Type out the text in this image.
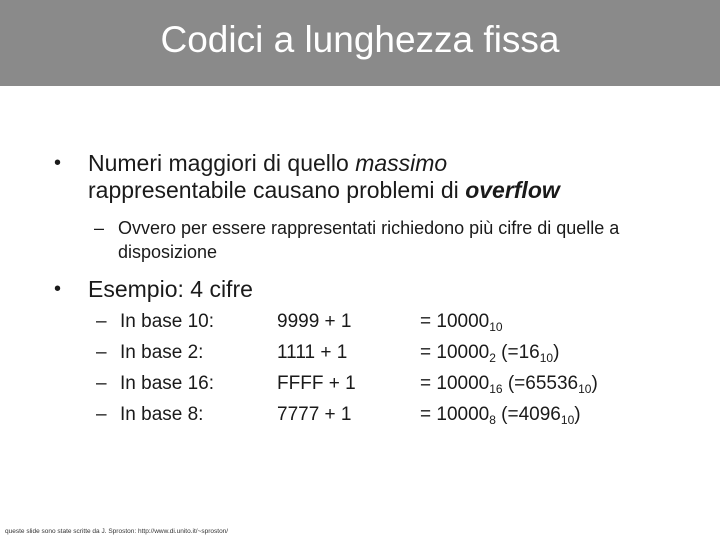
Codici a lunghezza fissa
• Numeri maggiori di quello massimo
rappresentabile causano problemi di overflow
– Ovvero per essere rappresentati richiedono più cifre di quelle a disposizione
• Esempio: 4 cifre
– In base 10:	9999 + 1	= $10000_{10}$
– In base 2:	1111 + 1	= $10000_2$ $(=16_{10})$
– In base 16:	FFFF + 1	= $10000_{16}$ $(=65536_{10})$
– In base 8:	7777 + 1	= $10000_8$ $(=4096_{10})$
queste slide sono state scritte da J. Sproston: http://www.di.unito.it/~sproston/
